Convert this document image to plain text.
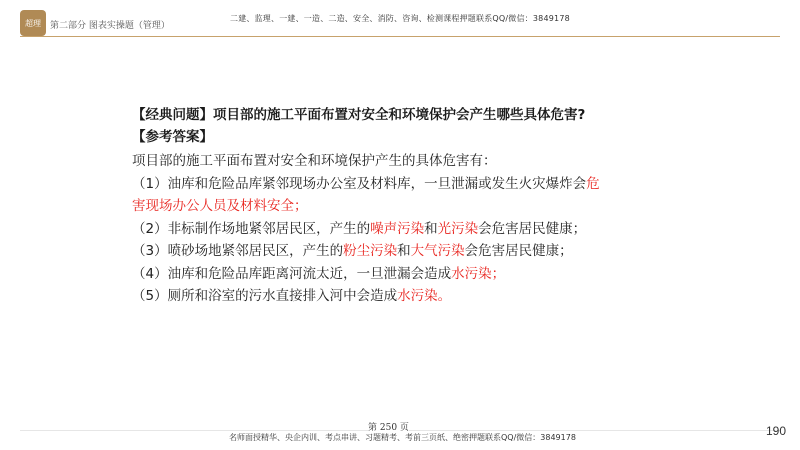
超理	第二部分 图表实操题（管理）
二建、监理、一建、一造、二造、安全、消防、咨询、检测课程押题联系QQ/微信：3849178
【经典问题】项目部的施工平面布置对安全和环境保护会产生哪些具体危害?
【参考答案】
项目部的施工平面布置对安全和环境保护产生的具体危害有：
（1）油库和危险品库紧邻现场办公室及材料库，一旦泄漏或发生火灾爆炸会危
害现场办公人员及材料安全；
（2）非标制作场地紧邻居民区，产生的噪声污染和光污染会危害居民健康；
（3）喷砂场地紧邻居民区，产生的粉尘污染和大气污染会危害居民健康；
（4）油库和危险品库距离河流太近，一旦泄漏会造成水污染；
（5）厕所和浴室的污水直接排入河中会造成水污染。
第 250 页
名师面授精华、央企内训、考点串讲、习题精考、考前三页纸、绝密押题联系QQ/微信：3849178	190
